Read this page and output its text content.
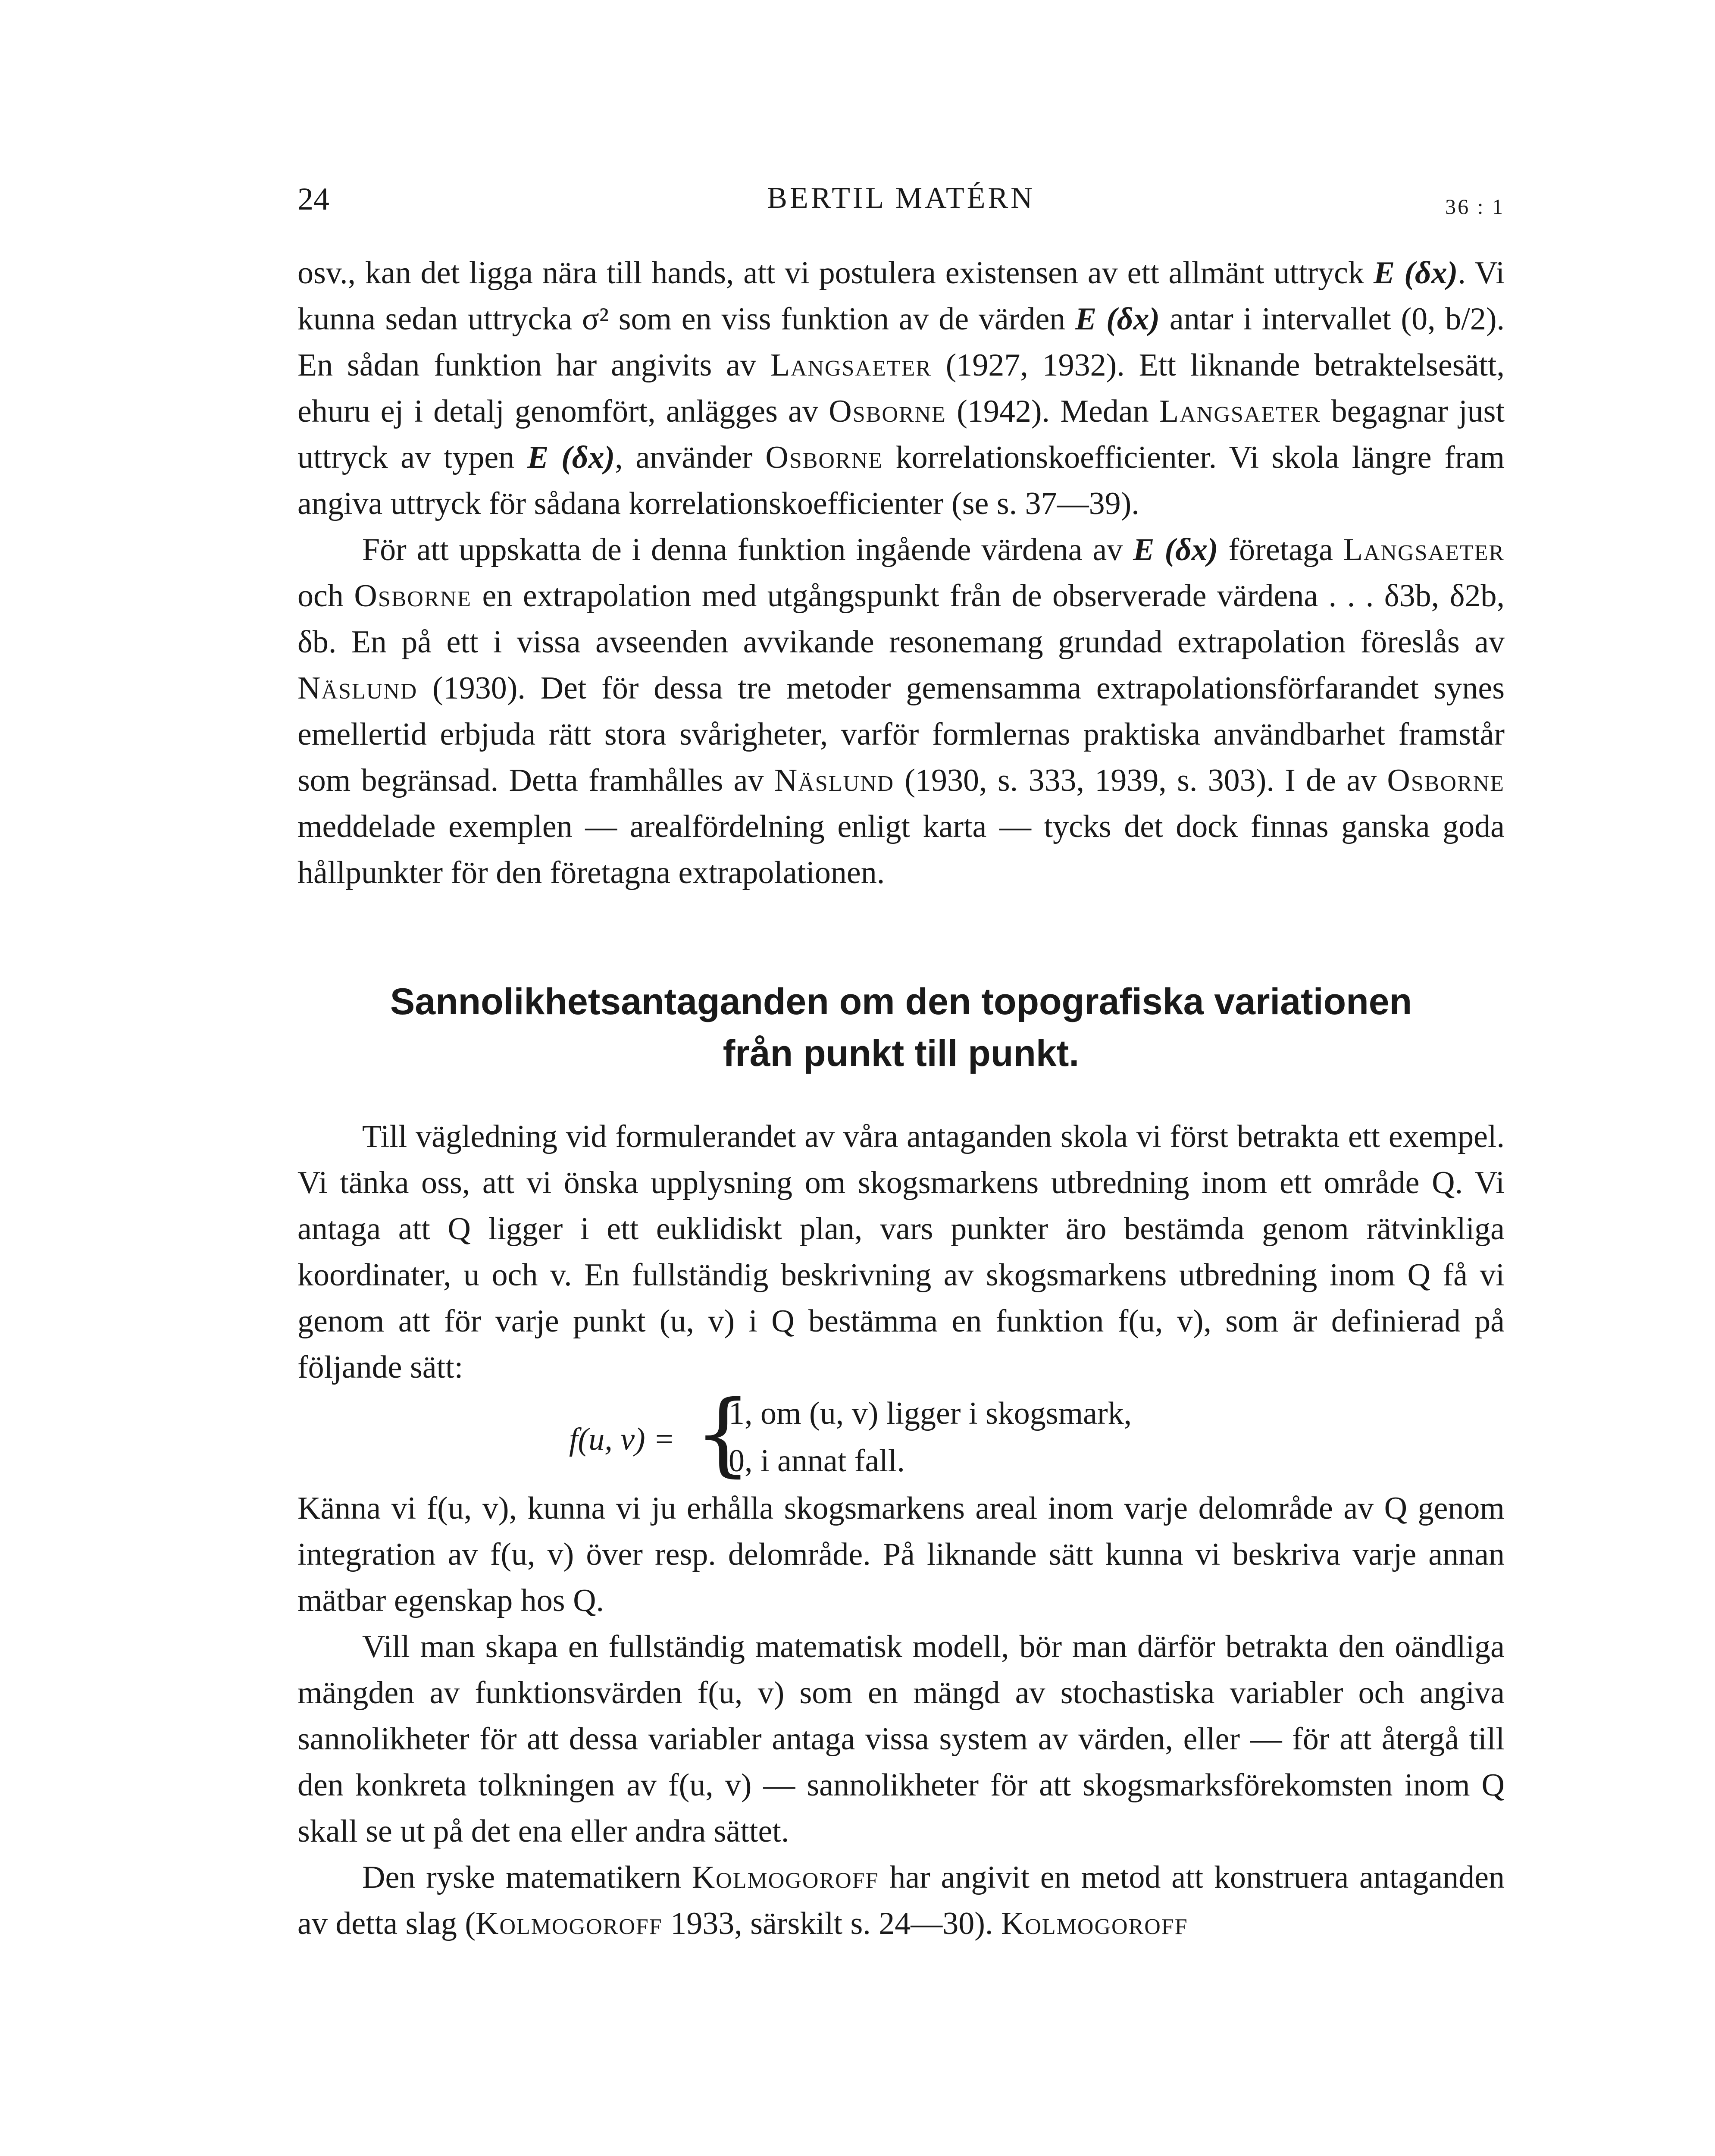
24	BERTIL MATÉRN	36 : 1

osv., kan det ligga nära till hands, att vi postulera existensen av ett allmänt uttryck E (δx). Vi kunna sedan uttrycka σ² som en viss funktion av de värden E (δx) antar i intervallet (0, b/2). En sådan funktion har angivits av Langsaeter (1927, 1932). Ett liknande betraktelsesätt, ehuru ej i detalj genomfört, anlägges av Osborne (1942). Medan Langsaeter begagnar just uttryck av typen E (δx), använder Osborne korrelationskoefficienter. Vi skola längre fram angiva uttryck för sådana korrelationskoefficienter (se s. 37—39).

För att uppskatta de i denna funktion ingående värdena av E (δx) företaga Langsaeter och Osborne en extrapolation med utgångspunkt från de observerade värdena . . . δ3b, δ2b, δb. En på ett i vissa avseenden avvikande resonemang grundad extrapolation föreslås av Näslund (1930). Det för dessa tre metoder gemensamma extrapolationsförfarandet synes emellertid erbjuda rätt stora svårigheter, varför formlernas praktiska användbarhet framstår som begränsad. Detta framhålles av Näslund (1930, s. 333, 1939, s. 303). I de av Osborne meddelade exemplen — arealfördelning enligt karta — tycks det dock finnas ganska goda hållpunkter för den företagna extrapolationen.

Sannolikhetsantaganden om den topografiska variationen
från punkt till punkt.

Till vägledning vid formulerandet av våra antaganden skola vi först betrakta ett exempel. Vi tänka oss, att vi önska upplysning om skogsmarkens utbredning inom ett område Q. Vi antaga att Q ligger i ett euklidiskt plan, vars punkter äro bestämda genom rätvinkliga koordinater, u och v. En fullständig beskrivning av skogsmarkens utbredning inom Q få vi genom att för varje punkt (u, v) i Q bestämma en funktion f(u, v), som är definierad på följande sätt:

f(u, v) = {
1, om (u, v) ligger i skogsmark,
0, i annat fall.

Känna vi f(u, v), kunna vi ju erhålla skogsmarkens areal inom varje delområde av Q genom integration av f(u, v) över resp. delområde. På liknande sätt kunna vi beskriva varje annan mätbar egenskap hos Q.

Vill man skapa en fullständig matematisk modell, bör man därför betrakta den oändliga mängden av funktionsvärden f(u, v) som en mängd av stochastiska variabler och angiva sannolikheter för att dessa variabler antaga vissa system av värden, eller — för att återgå till den konkreta tolkningen av f(u, v) — sannolikheter för att skogsmarksförekomsten inom Q skall se ut på det ena eller andra sättet.

Den ryske matematikern Kolmogoroff har angivit en metod att konstruera antaganden av detta slag (Kolmogoroff 1933, särskilt s. 24—30). Kolmogoroff
